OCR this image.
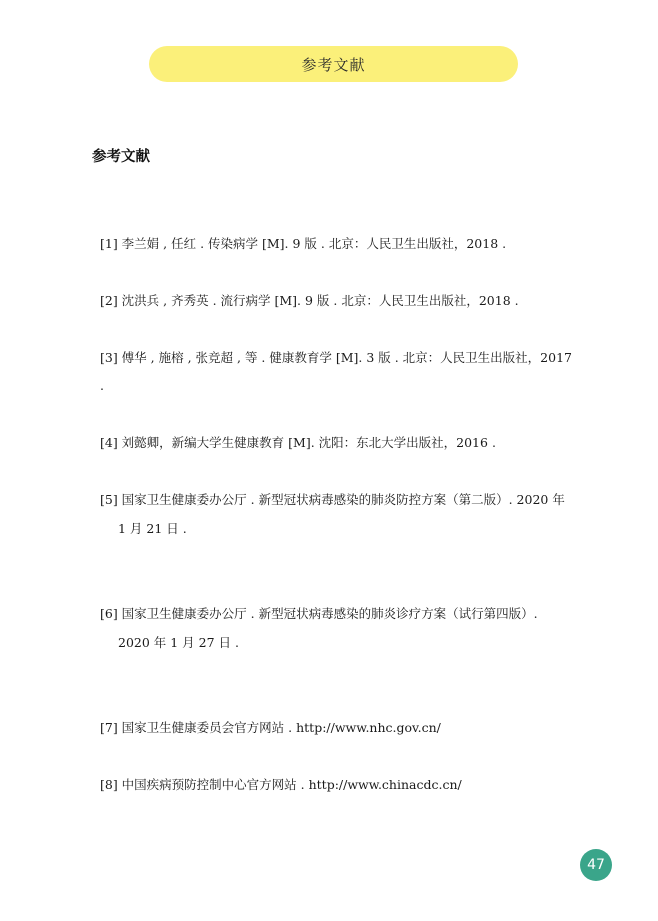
参考文献
参考文献

[1] 李兰娟 , 任红 . 传染病学 [M]. 9 版 . 北京：人民卫生出版社，2018 .

[2] 沈洪兵 , 齐秀英 . 流行病学 [M]. 9 版 . 北京：人民卫生出版社，2018 .

[3] 傅华 , 施榕 , 张竞超 , 等 . 健康教育学 [M]. 3 版 . 北京：人民卫生出版社，2017 .

[4] 刘懿卿，新编大学生健康教育 [M]. 沈阳：东北大学出版社，2016 .

[5] 国家卫生健康委办公厅 . 新型冠状病毒感染的肺炎防控方案（第二版）. 2020 年

1 月 21 日 .

[6] 国家卫生健康委办公厅 . 新型冠状病毒感染的肺炎诊疗方案（试行第四版）.

2020 年 1 月 27 日 .

[7] 国家卫生健康委员会官方网站 . http://www.nhc.gov.cn/

[8] 中国疾病预防控制中心官方网站 . http://www.chinacdc.cn/

47
